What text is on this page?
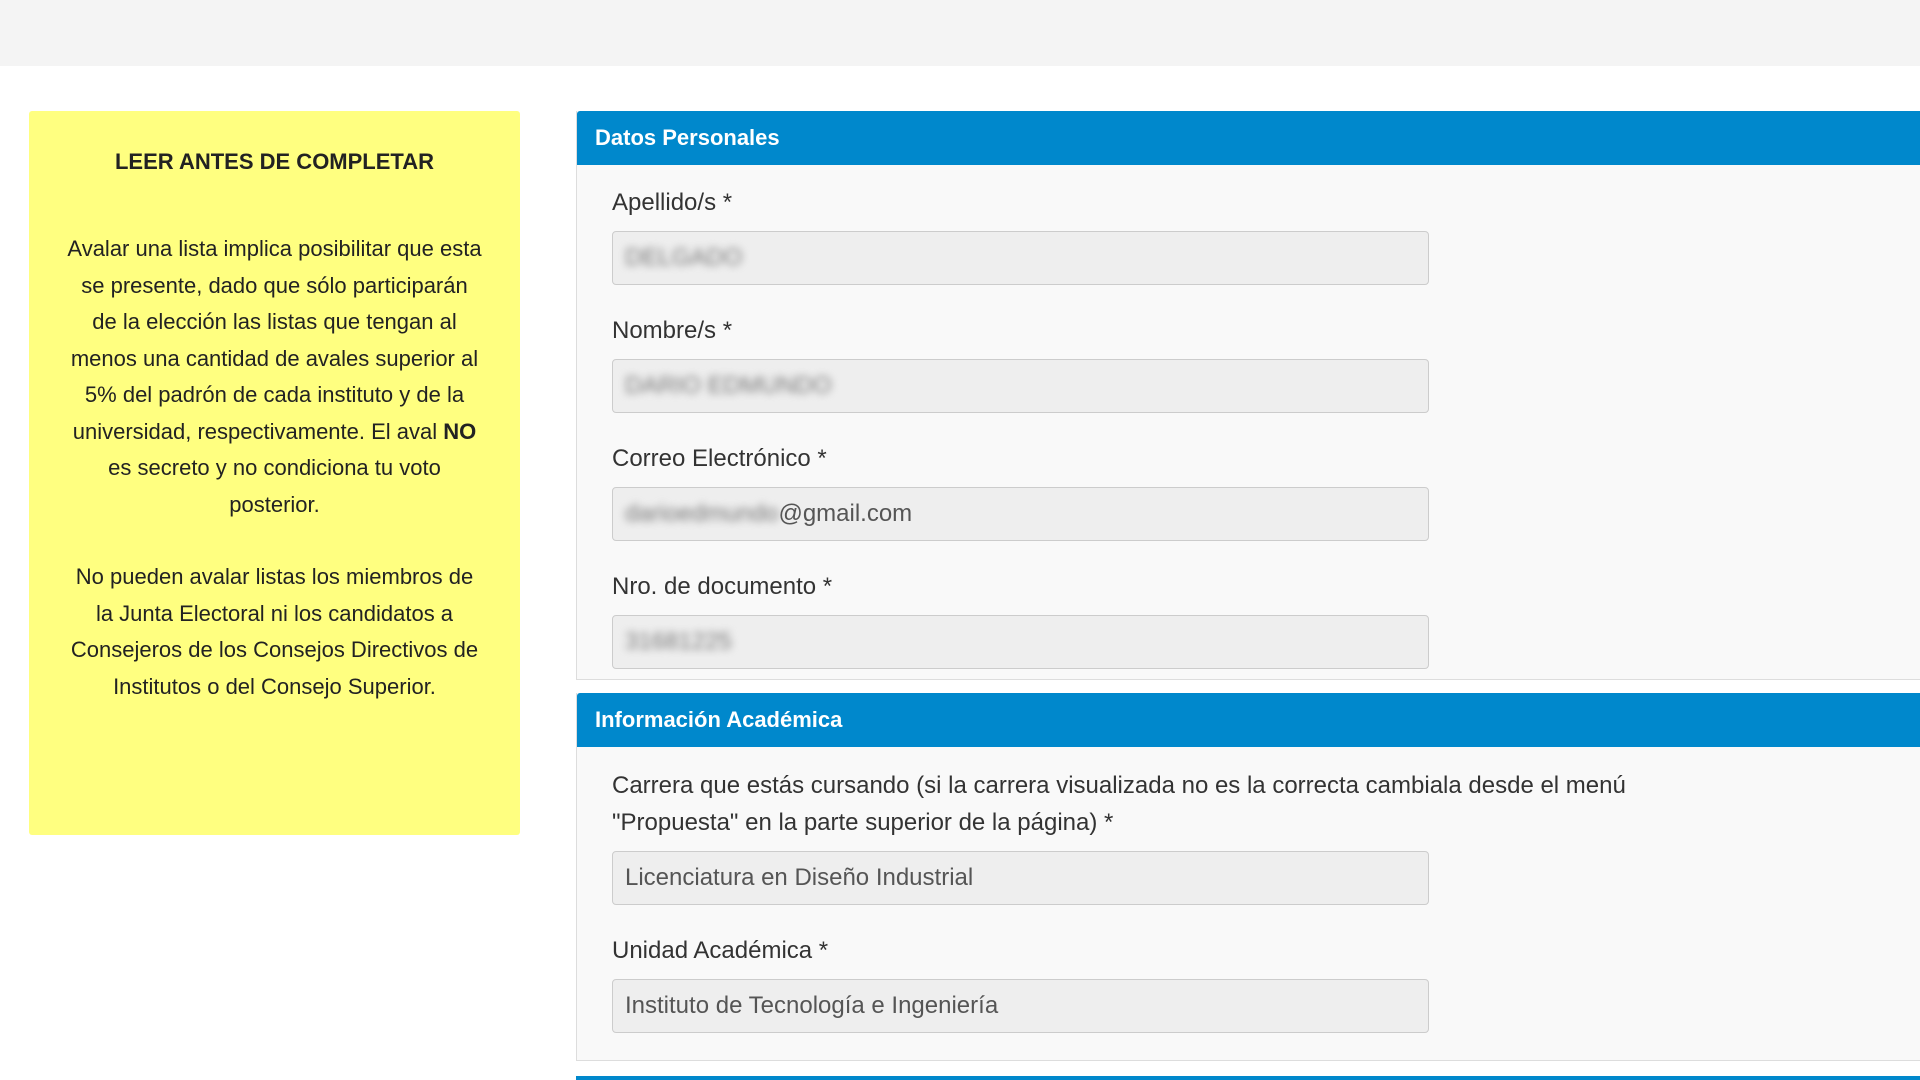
LEER ANTES DE COMPLETAR

Avalar una lista implica posibilitar que esta se presente, dado que sólo participarán de la elección las listas que tengan al menos una cantidad de avales superior al 5% del padrón de cada instituto y de la universidad, respectivamente. El aval NO es secreto y no condiciona tu voto posterior.

No pueden avalar listas los miembros de la Junta Electoral ni los candidatos a Consejeros de los Consejos Directivos de Institutos o del Consejo Superior.

Datos Personales
Apellido/s *
DELGADO
Nombre/s *
DARIO EDMUNDO
Correo Electrónico *
darioedmundo@gmail.com
Nro. de documento *
31681225
Información Académica
Carrera que estás cursando (si la carrera visualizada no es la correcta cambiala desde el menú "Propuesta" en la parte superior de la página) *
Licenciatura en Diseño Industrial
Unidad Académica *
Instituto de Tecnología e Ingeniería
